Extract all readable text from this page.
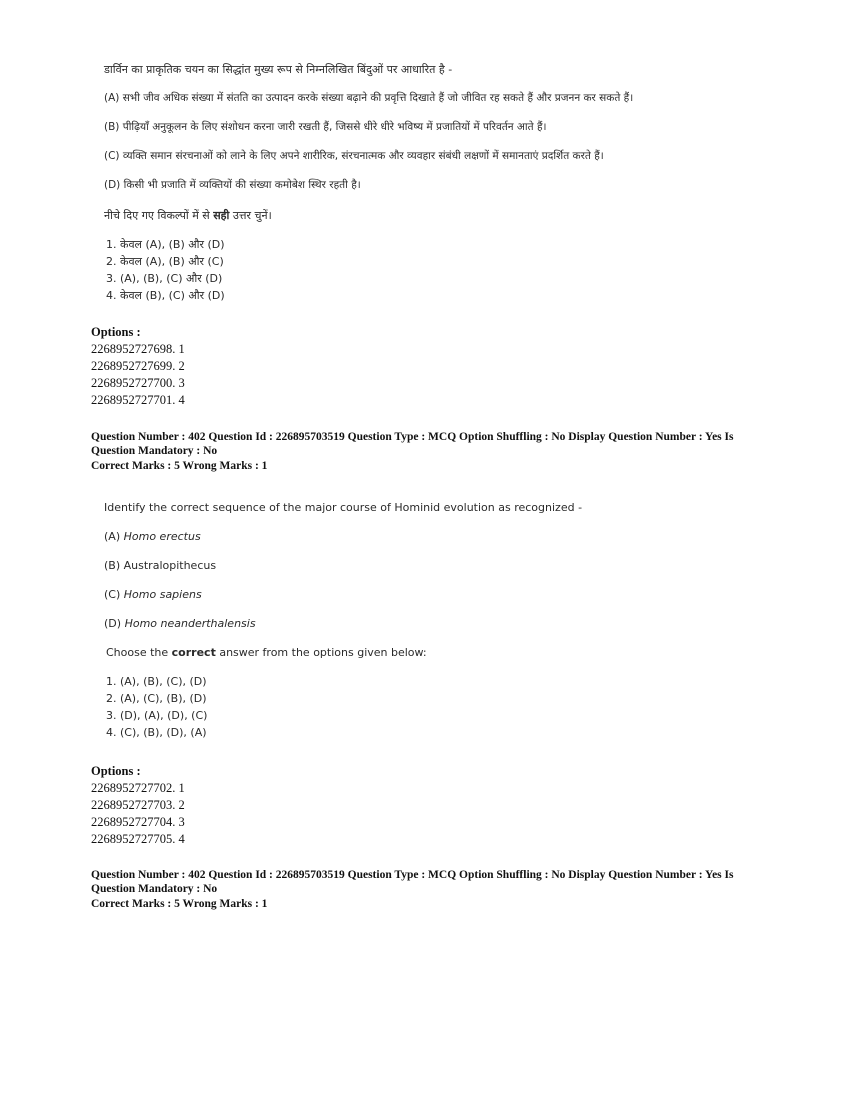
डार्विन का प्राकृतिक चयन का सिद्धांत मुख्य रूप से निम्नलिखित बिंदुओं पर आधारित है -
(A) सभी जीव अधिक संख्या में संतति का उत्पादन करके संख्या बढ़ाने की प्रवृत्ति दिखाते हैं जो जीवित रह सकते हैं और प्रजनन कर सकते हैं।
(B) पीढ़ियाँ अनुकूलन के लिए संशोधन करना जारी रखती हैं, जिससे धीरे धीरे भविष्य में प्रजातियों में परिवर्तन आते हैं।
(C) व्यक्ति समान संरचनाओं को लाने के लिए अपने शारीरिक, संरचनात्मक और व्यवहार संबंधी लक्षणों में समानताएं प्रदर्शित करते हैं।
(D) किसी भी प्रजाति में व्यक्तियों की संख्या कमोबेश स्थिर रहती है।
नीचे दिए गए विकल्पों में से सही उत्तर चुनें।
1. केवल (A), (B) और (D)
2. केवल (A), (B) और (C)
3. (A), (B), (C) और (D)
4. केवल (B), (C) और (D)
Options :
2268952727698. 1
2268952727699. 2
2268952727700. 3
2268952727701. 4
Question Number : 402 Question Id : 226895703519 Question Type : MCQ Option Shuffling : No Display Question Number : Yes Is
Question Mandatory : No
Correct Marks : 5 Wrong Marks : 1
Identify the correct sequence of the major course of Hominid evolution as recognized -
(A) Homo erectus
(B) Australopithecus
(C) Homo sapiens
(D) Homo neanderthalensis
Choose the correct answer from the options given below:
1. (A), (B), (C), (D)
2. (A), (C), (B), (D)
3. (D), (A), (D), (C)
4. (C), (B), (D), (A)
Options :
2268952727702. 1
2268952727703. 2
2268952727704. 3
2268952727705. 4
Question Number : 402 Question Id : 226895703519 Question Type : MCQ Option Shuffling : No Display Question Number : Yes Is
Question Mandatory : No
Correct Marks : 5 Wrong Marks : 1
